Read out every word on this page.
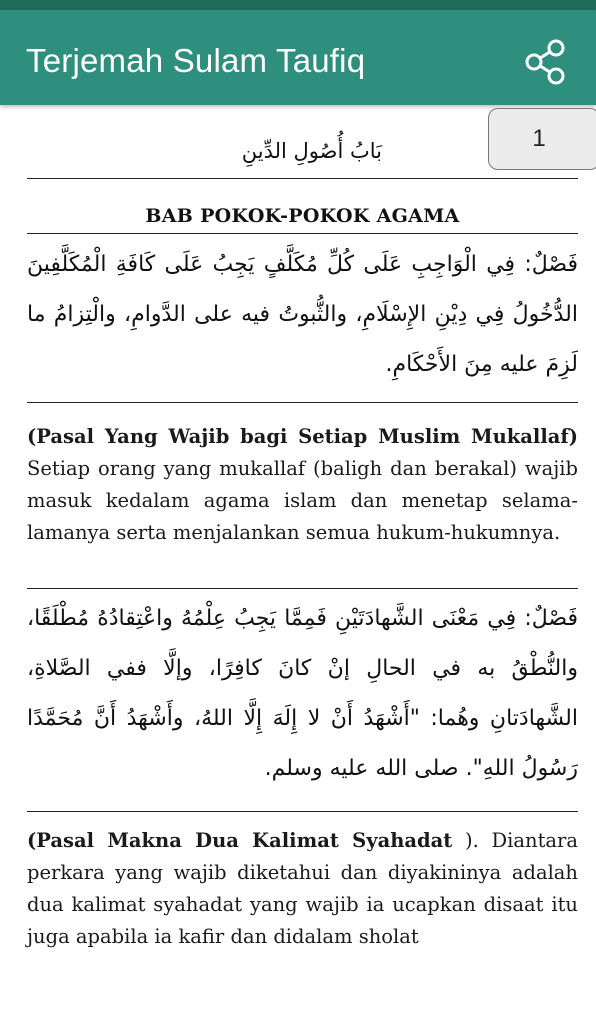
Terjemah Sulam Taufiq
1
بَابُ أُصُولِ الدِّينِ
BAB POKOK-POKOK AGAMA
فَصْلٌ: فِي الْوَاجِبِ عَلَى كُلِّ مُكَلَّفٍ يَجِبُ عَلَى كَافَةِ الْمُكَلَّفِينَ الدُّخُولُ فِي دِيْنِ الإِسْلَامِ، والثُّبوتُ فيه على الدَّوامِ، والْتِزامُ ما لَزِمَ عليه مِنَ الأَحْكَامِ.
(Pasal Yang Wajib bagi Setiap Muslim Mukallaf) Setiap orang yang mukallaf (baligh dan berakal) wajib masuk kedalam agama islam dan menetap selama-lamanya serta menjalankan semua hukum-hukumnya.
فَصْلٌ: فِي مَعْنَى الشَّهادَتَيْنِ فَمِمَّا يَجِبُ عِلْمُهُ واعْتِقادُهُ مُطْلَقًا، والنُّطْقُ به في الحالِ إنْ كانَ كافِرًا، وإلَّا ففي الصَّلاةِ، الشَّهادَتانِ وهُما: "أَشْهَدُ أَنْ لا إِلَهَ إِلَّا اللهُ، وأَشْهَدُ أَنَّ مُحَمَّدًا رَسُولُ اللهِ". صلى الله عليه وسلم.
(Pasal Makna Dua Kalimat Syahadat ). Diantara perkara yang wajib diketahui dan diyakininya adalah dua kalimat syahadat yang wajib ia ucapkan disaat itu juga apabila ia kafir dan didalam sholat
